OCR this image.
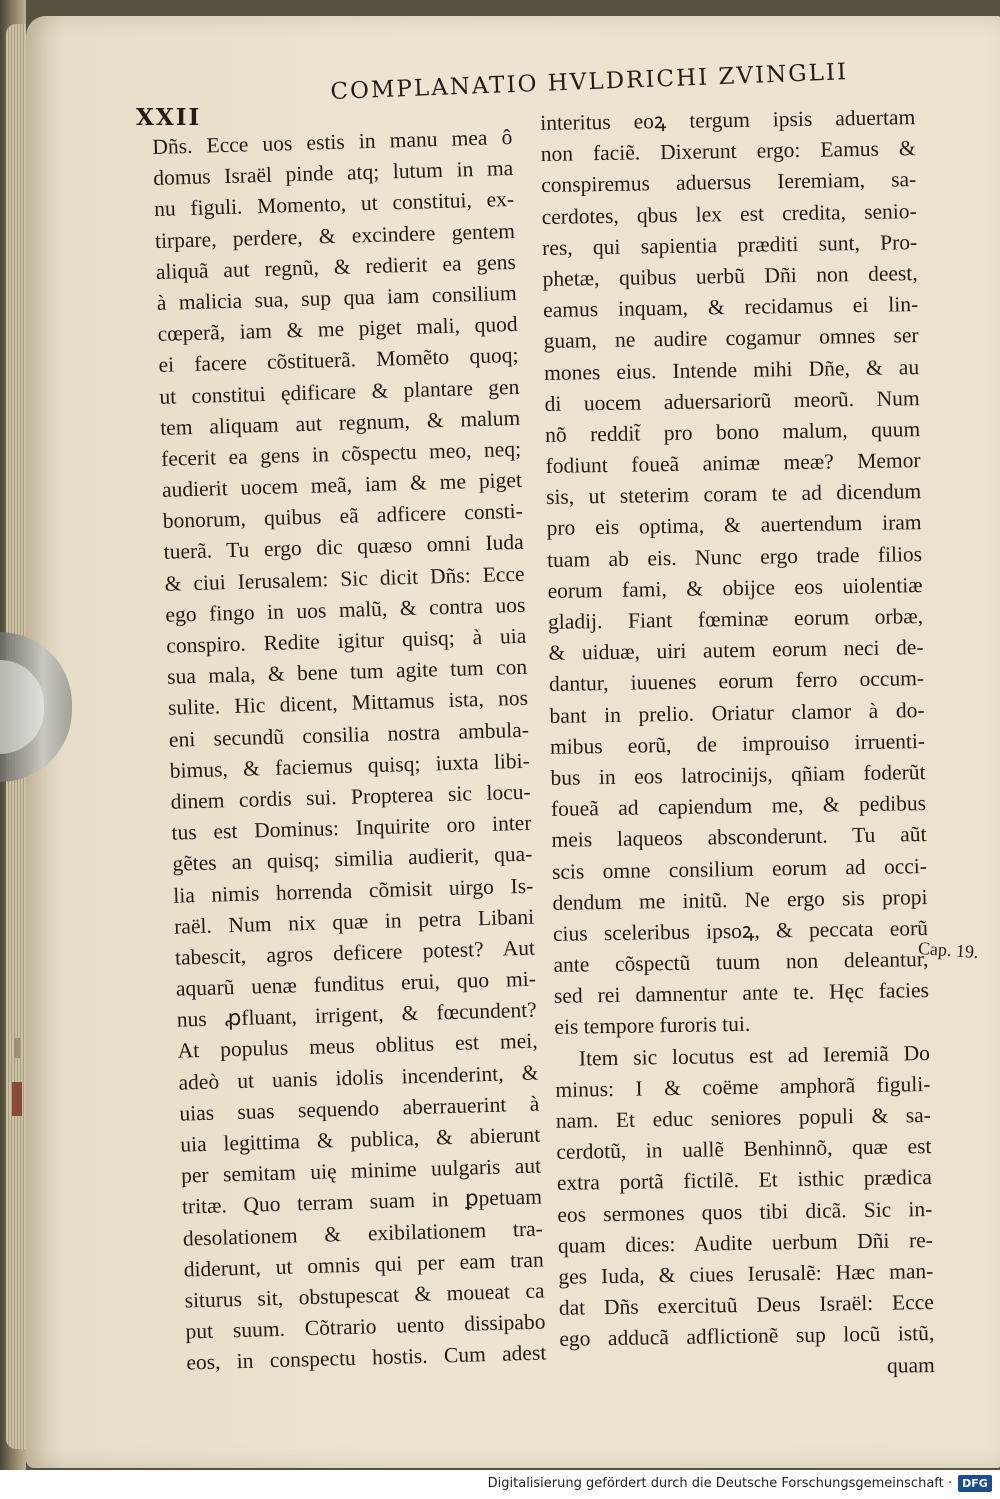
XXII
COMPLANATIO HVLDRICHI ZVINGLII
Dñs. Ecce uos estis in manu mea ô
domus Israël pinde atq; lutum in ma
nu figuli. Momento, ut constitui, ex-
tirpare, perdere, & excindere gentem
aliquã aut regnũ, & redierit ea gens
à malicia sua, sup qua iam consilium
cœperã, iam & me piget mali, quod
ei facere cõstituerã. Momẽto quoq;
ut constitui ędificare & plantare gen
tem aliquam aut regnum, & malum
fecerit ea gens in cõspectu meo, neq;
audierit uocem meã, iam & me piget
bonorum, quibus eã adficere consti-
tuerã. Tu ergo dic quæso omni Iuda
& ciui Ierusalem: Sic dicit Dñs: Ecce
ego fingo in uos malũ, & contra uos
conspiro. Redite igitur quisq; à uia
sua mala, & bene tum agite tum con
sulite. Hic dicent, Mittamus ista, nos
eni secundũ consilia nostra ambula-
bimus, & faciemus quisq; iuxta libi-
dinem cordis sui. Propterea sic locu-
tus est Dominus: Inquirite oro inter
gẽtes an quisq; similia audierit, qua-
lia nimis horrenda cõmisit uirgo Is-
raël. Num nix quæ in petra Libani
tabescit, agros deficere potest? Aut
aquarũ uenæ funditus erui, quo mi-
nus ꝓfluant, irrigent, & fœcundent?
At populus meus oblitus est mei,
adeò ut uanis idolis incenderint, &
uias suas sequendo aberrauerint à
uia legittima & publica, & abierunt
per semitam uię minime uulgaris aut
tritæ. Quo terram suam in ꝑpetuam
desolationem & exibilationem tra-
diderunt, ut omnis qui per eam tran
siturus sit, obstupescat & moueat ca
put suum. Cõtrario uento dissipabo
eos, in conspectu hostis. Cum adest
interitus eoꝝ tergum ipsis aduertam
non faciẽ. Dixerunt ergo: Eamus &
conspiremus aduersus Ieremiam, sa-
cerdotes, qbus lex est credita, senio-
res, qui sapientia præditi sunt, Pro-
phetæ, quibus uerbũ Dñi non deest,
eamus inquam, & recidamus ei lin-
guam, ne audire cogamur omnes ser
mones eius. Intende mihi Dñe, & au
di uocem aduersariorũ meorũ. Num
nõ reddit̃ pro bono malum, quum
fodiunt foueã animæ meæ? Memor
sis, ut steterim coram te ad dicendum
pro eis optima, & auertendum iram
tuam ab eis. Nunc ergo trade filios
eorum fami, & obijce eos uiolentiæ
gladij. Fiant fœminæ eorum orbæ,
& uiduæ, uiri autem eorum neci de-
dantur, iuuenes eorum ferro occum-
bant in prelio. Oriatur clamor à do-
mibus eorũ, de improuiso irruenti-
bus in eos latrocinijs, qñiam foderũt
foueã ad capiendum me, & pedibus
meis laqueos absconderunt. Tu aũt
scis omne consilium eorum ad occi-
dendum me initũ. Ne ergo sis propi
cius sceleribus ipsoꝝ, & peccata eorũ
ante cõspectũ tuum non deleantur,
sed rei damnentur ante te. Hęc facies
eis tempore furoris tui.
Item sic locutus est ad Ieremiã Do
minus: I & coëme amphorã figuli-
nam. Et educ seniores populi & sa-
cerdotũ, in uallẽ Benhinnõ, quæ est
extra portã fictilẽ. Et isthic prædica
eos sermones quos tibi dicã. Sic in-
quam dices: Audite uerbum Dñi re-
ges Iuda, & ciues Ierusalẽ: Hæc man-
dat Dñs exercituũ Deus Israël: Ecce
ego adducã adflictionẽ sup locũ istũ,
quam
Cap. 19.
Digitalisierung gefördert durch die Deutsche Forschungsgemeinschaft · DFG
